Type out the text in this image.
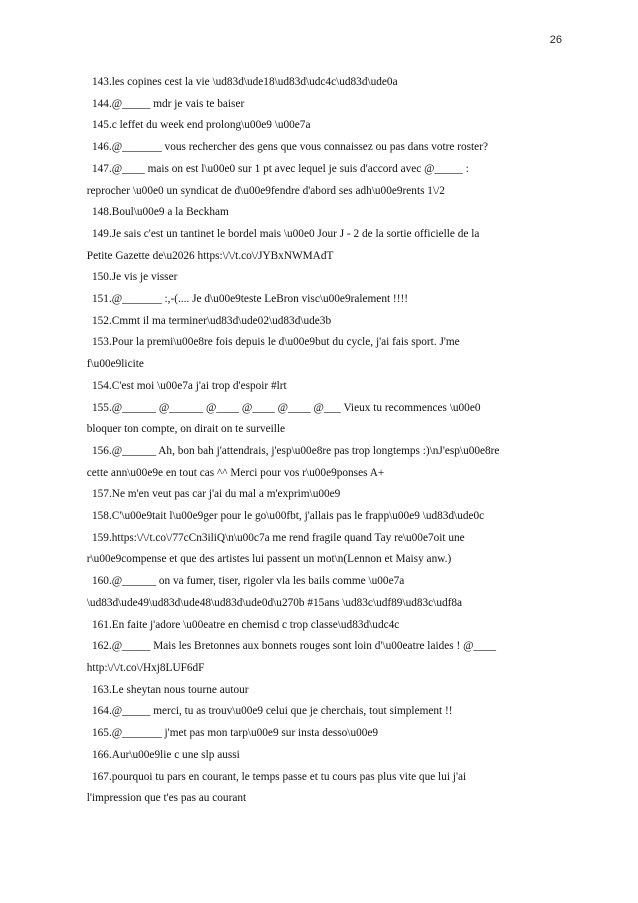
26
143. les copines cest la vie \ud83d\ude18\ud83d\udc4c\ud83d\ude0a
144. @_____ mdr je vais te baiser
145. c leffet du week end prolong\u00e9 \u00e7a
146. @_______ vous rechercher des gens que vous connaissez ou pas dans votre roster?
147. @____ mais on est l\u00e0 sur 1 pt avec lequel je suis d'accord avec @_____ :
reprocher \u00e0 un syndicat de d\u00e9fendre d'abord ses adh\u00e9rents 1\/2
148. Boul\u00e9 a la Beckham
149. Je sais c'est un tantinet le bordel mais \u00e0 Jour J - 2 de la sortie officielle de la
Petite Gazette de\u2026 https:\/\/t.co\/JYBxNWMAdT
150. Je vis je visser
151. @_______ :,-(.... Je d\u00e9teste LeBron visc\u00e9ralement !!!!
152. Cmmt il ma terminer\ud83d\ude02\ud83d\ude3b
153. Pour la premi\u00e8re fois depuis le d\u00e9but du cycle, j'ai fais sport. J'me
f\u00e9licite
154. C'est moi \u00e7a j'ai trop d'espoir #lrt
155. @______ @______ @____ @____ @____ @___ Vieux tu recommences \u00e0
bloquer ton compte, on dirait on te surveille
156. @______ Ah, bon bah j'attendrais, j'esp\u00e8re pas trop longtemps :)\nJ'esp\u00e8re
cette ann\u00e9e en tout cas ^^ Merci pour vos r\u00e9ponses A+
157. Ne m'en veut pas car j'ai du mal a m'exprim\u00e9
158. C'\u00e9tait l\u00e9ger pour le go\u00fbt, j'allais pas le frapp\u00e9 \ud83d\ude0c
159. https:\/\/t.co\/77cCn3iliQ\n\u00c7a me rend fragile quand Tay re\u00e7oit une
r\u00e9compense et que des artistes lui passent un mot\n(Lennon et Maisy anw.)
160. @______ on va fumer, tiser, rigoler vla les bails comme \u00e7a
\ud83d\ude49\ud83d\ude48\ud83d\ude0d\u270b #15ans \ud83c\udf89\ud83c\udf8a
161. En faite j'adore \u00eatre en chemisd c trop classe\ud83d\udc4c
162. @_____ Mais les Bretonnes aux bonnets rouges sont loin d'\u00eatre laides ! @____
http:\/\/t.co\/Hxj8LUF6dF
163. Le sheytan nous tourne autour
164. @_____ merci, tu as trouv\u00e9 celui que je cherchais, tout simplement !!
165. @_______ j'met pas mon tarp\u00e9 sur insta desso\u00e9
166. Aur\u00e9lie c une slp aussi
167. pourquoi tu pars en courant, le temps passe et tu cours pas plus vite que lui j'ai
l'impression que t'es pas au courant
